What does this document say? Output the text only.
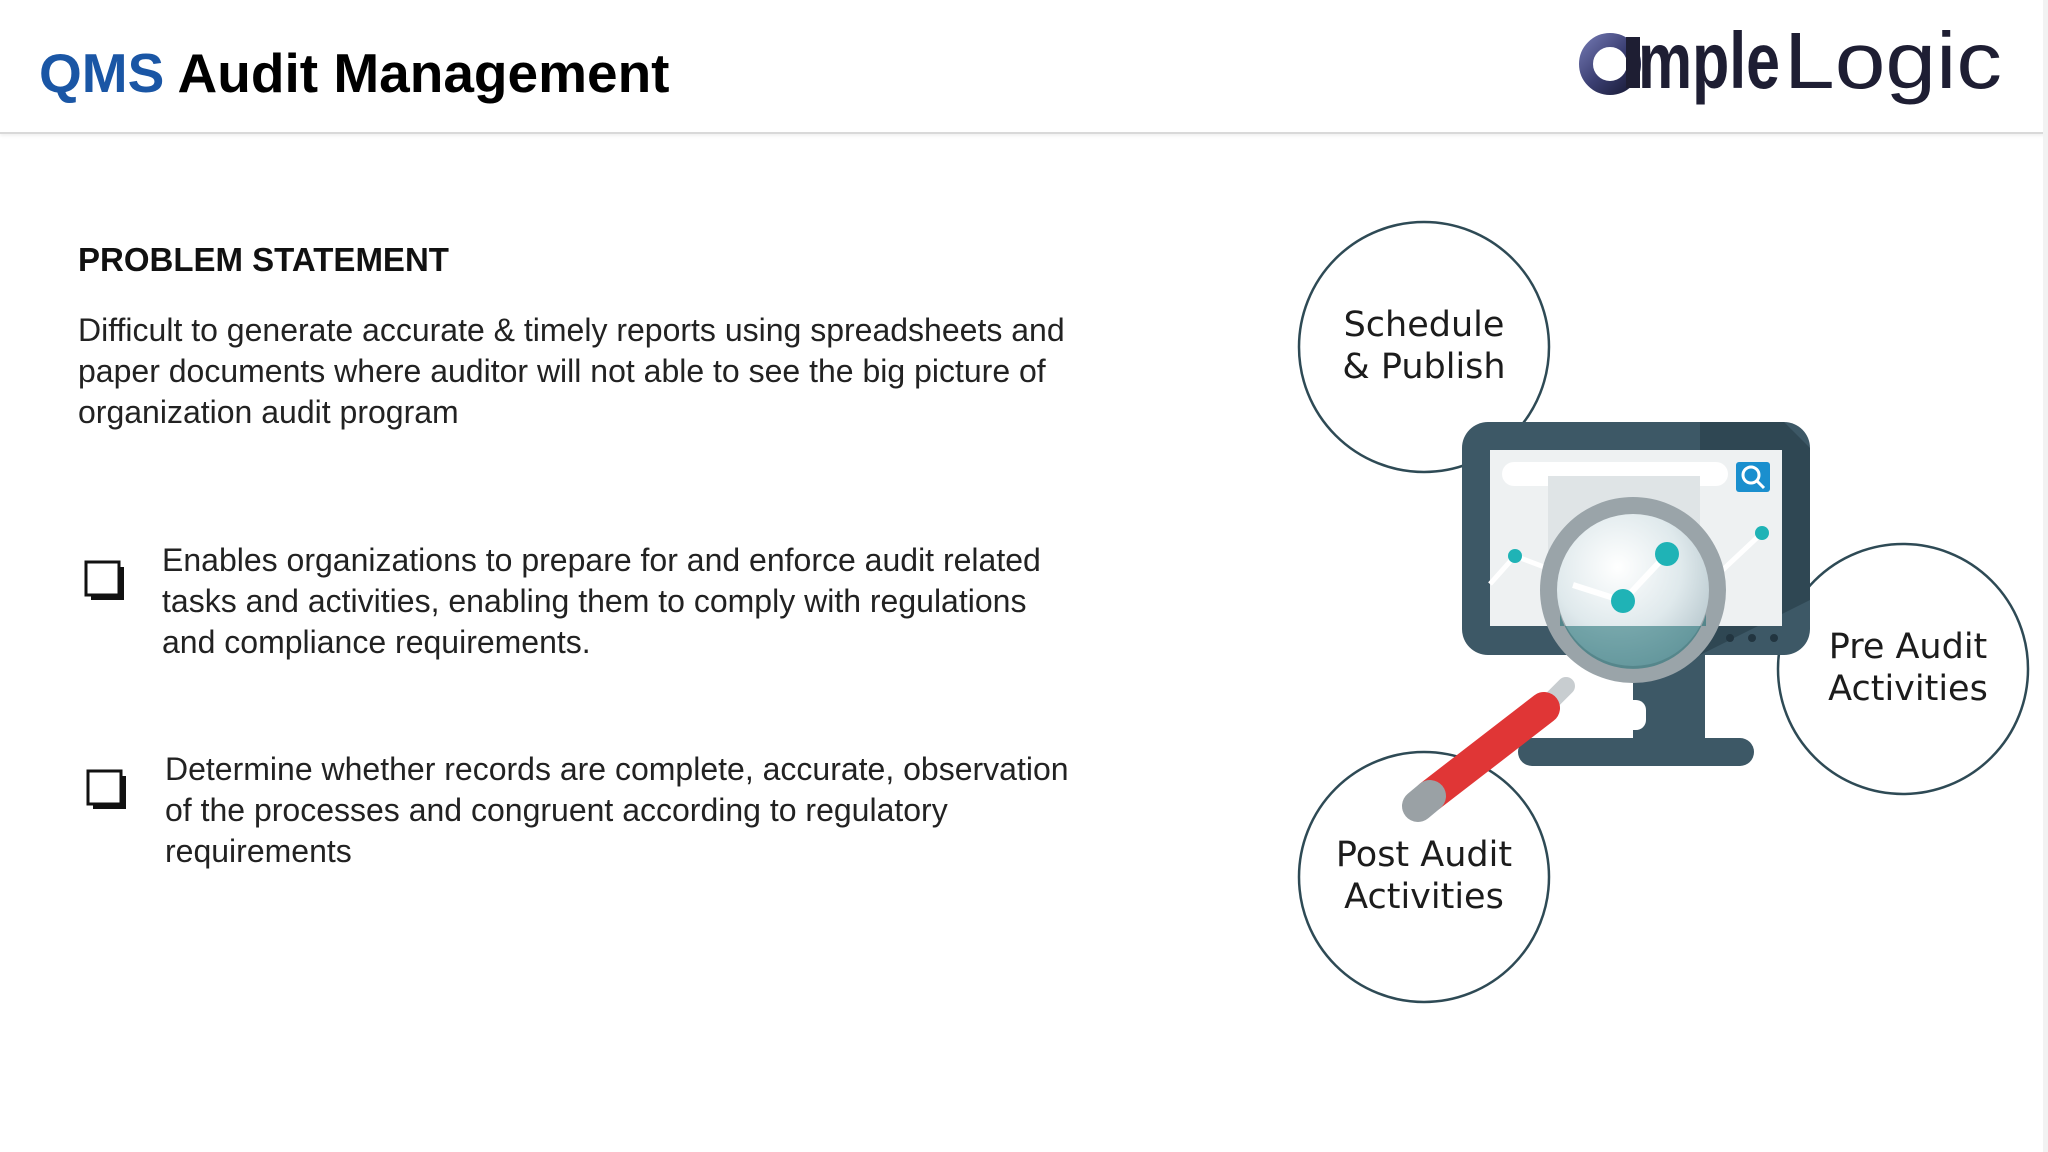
QMS Audit Management	mple Logic
PROBLEM STATEMENT

Difficult to generate accurate & timely reports using spreadsheets and paper documents where auditor will not able to see the big picture of organization audit program

Enables organizations to prepare for and enforce audit related tasks and activities, enabling them to comply with regulations and compliance requirements.
Determine whether records are complete, accurate, observation of the processes and congruent according to regulatory requirements
Schedule
& Publish
Pre Audit
Activities
Post Audit
Activities
